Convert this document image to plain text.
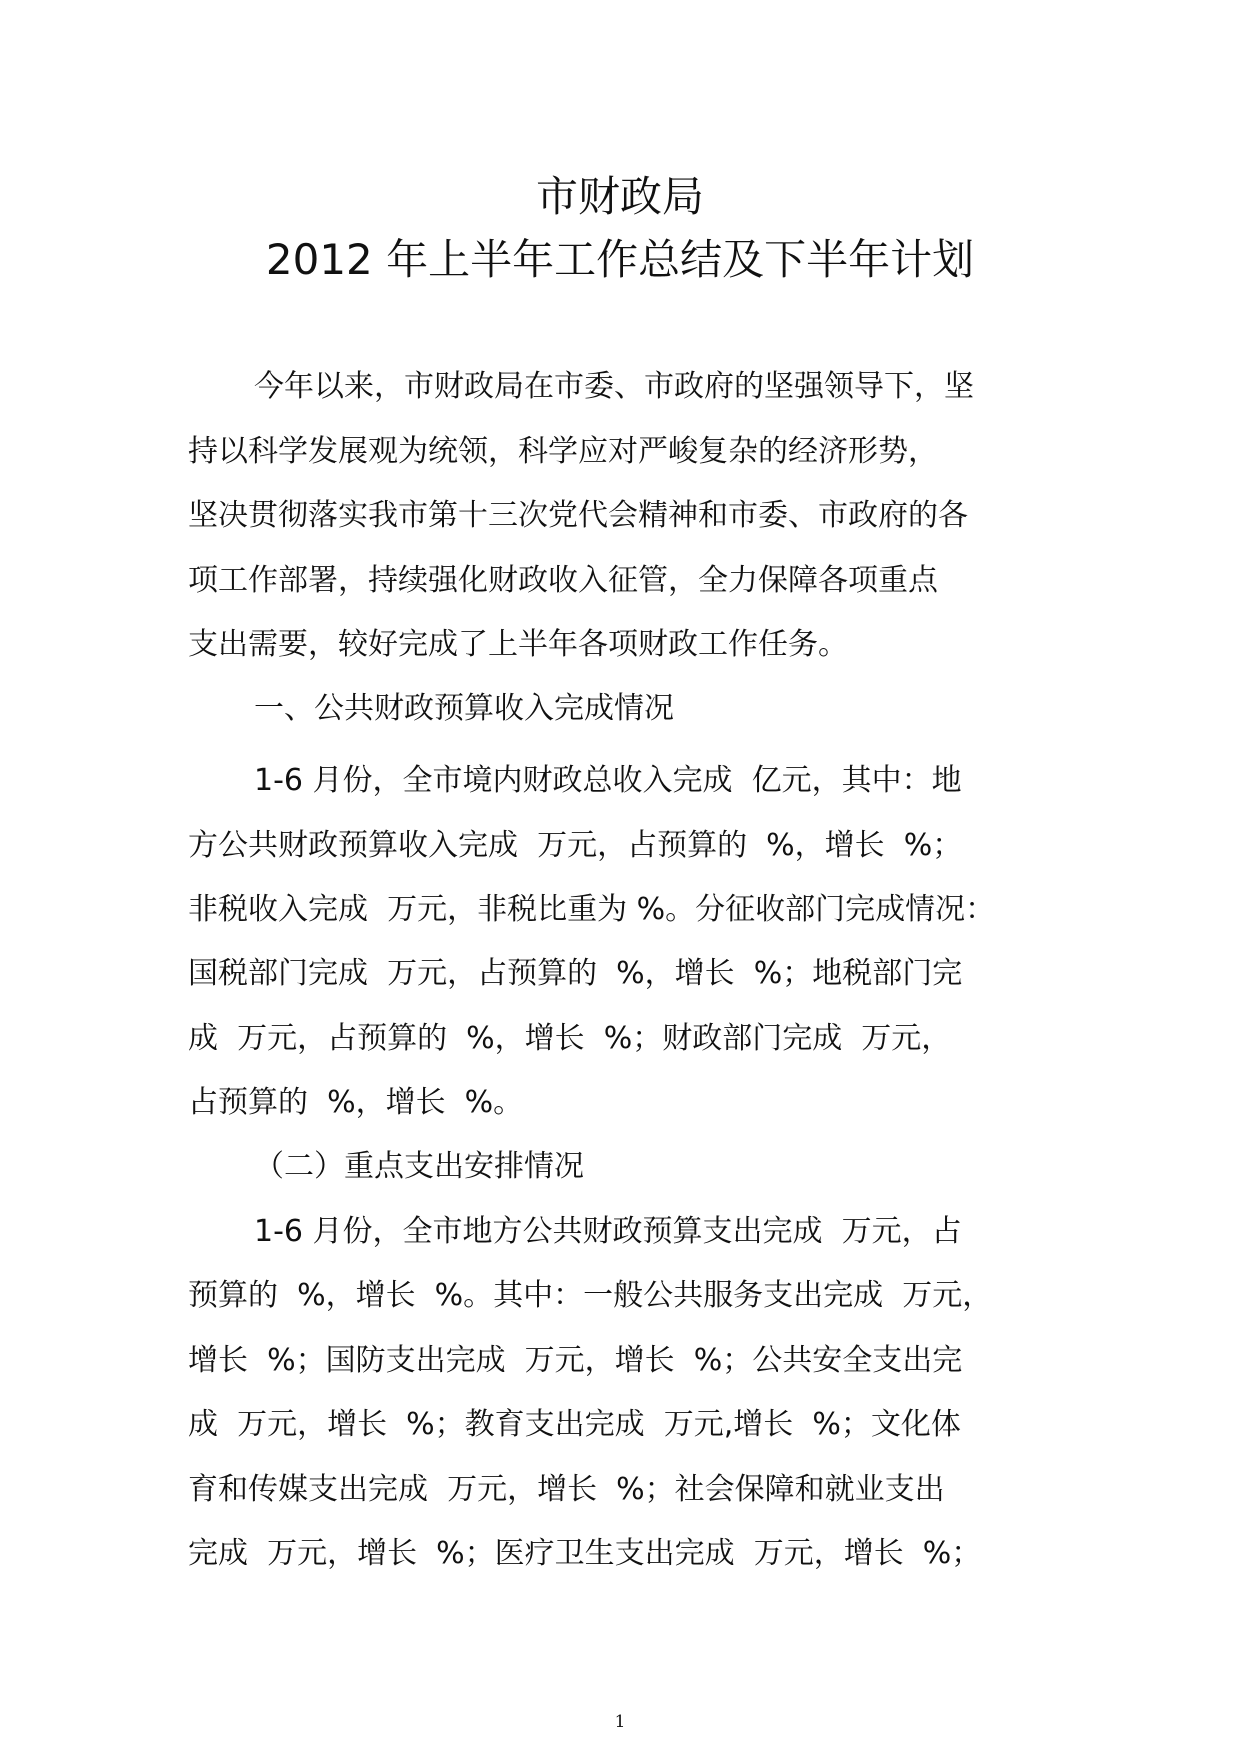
市财政局
2012 年上半年工作总结及下半年计划
今年以来，市财政局在市委、市政府的坚强领导下，坚
持以科学发展观为统领，科学应对严峻复杂的经济形势，
坚决贯彻落实我市第十三次党代会精神和市委、市政府的各
项工作部署，持续强化财政收入征管，全力保障各项重点
支出需要，较好完成了上半年各项财政工作任务。
一、公共财政预算收入完成情况
1-6 月份，全市境内财政总收入完成  亿元，其中：地
方公共财政预算收入完成  万元，占预算的  %，增长  %；
非税收入完成  万元，非税比重为 %。分征收部门完成情况：
国税部门完成  万元，占预算的  %，增长  %；地税部门完
成  万元，占预算的  %，增长  %；财政部门完成  万元，
占预算的  %，增长  %。
（二）重点支出安排情况
1-6 月份，全市地方公共财政预算支出完成  万元，占
预算的  %，增长  %。其中：一般公共服务支出完成  万元，
增长  %；国防支出完成  万元，增长  %；公共安全支出完
成  万元，增长  %；教育支出完成  万元,增长  %；文化体
育和传媒支出完成  万元，增长  %；社会保障和就业支出
完成  万元，增长  %；医疗卫生支出完成  万元，增长  %；
1
